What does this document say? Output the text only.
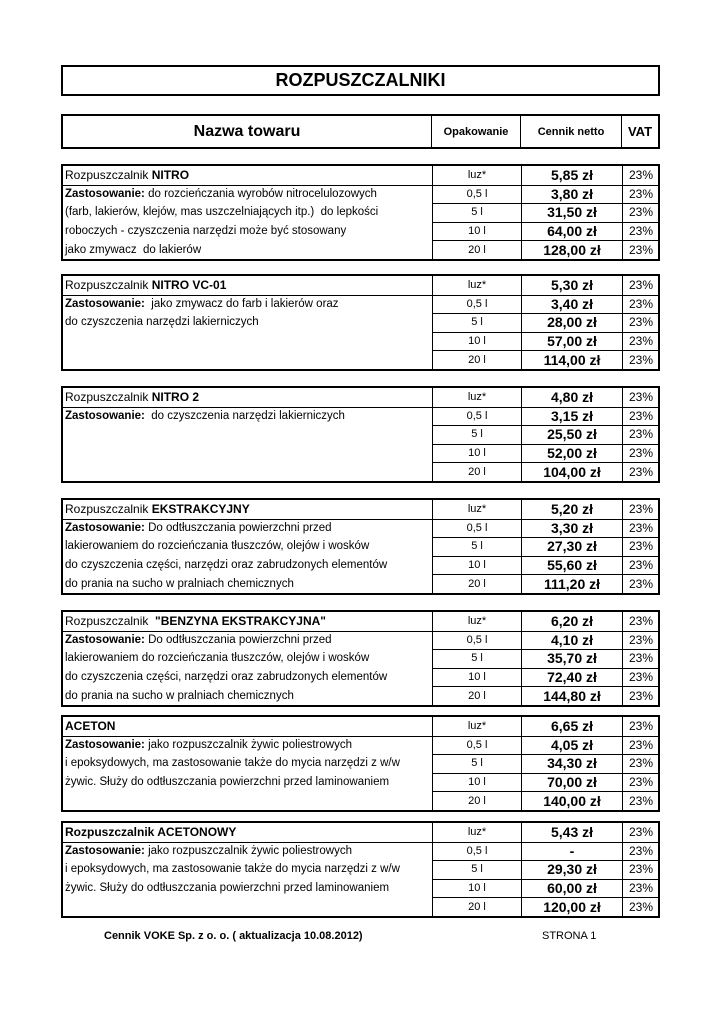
ROZPUSZCZALNIKI
Nazwa towaru	Opakowanie	Cennik netto	VAT
Rozpuszczalnik NITRO	luz*	5,85 zł	23%
Zastosowanie: do rozcieńczania wyrobów nitrocelulozowych	0,5 l	3,80 zł	23%
(farb, lakierów, klejów, mas uszczelniających itp.)  do lepkości	5 l	31,50 zł	23%
roboczych - czyszczenia narzędzi może być stosowany	10 l	64,00 zł	23%
jako zmywacz  do lakierów	20 l	128,00 zł	23%
Rozpuszczalnik NITRO VC-01	luz*	5,30 zł	23%
Zastosowanie: jako zmywacz do farb i lakierów oraz	0,5 l	3,40 zł	23%
do czyszczenia narzędzi lakierniczych	5 l	28,00 zł	23%
10 l	57,00 zł	23%
20 l	114,00 zł	23%
Rozpuszczalnik NITRO 2	luz*	4,80 zł	23%
Zastosowanie: do czyszczenia narzędzi lakierniczych	0,5 l	3,15 zł	23%
5 l	25,50 zł	23%
10 l	52,00 zł	23%
20 l	104,00 zł	23%
Rozpuszczalnik EKSTRAKCYJNY	luz*	5,20 zł	23%
Zastosowanie: Do odtłuszczania powierzchni przed	0,5 l	3,30 zł	23%
lakierowaniem do rozcieńczania tłuszczów, olejów i wosków	5 l	27,30 zł	23%
do czyszczenia części, narzędzi oraz zabrudzonych elementów	10 l	55,60 zł	23%
do prania na sucho w pralniach chemicznych	20 l	111,20 zł	23%
Rozpuszczalnik "BENZYNA EKSTRAKCYJNA"	luz*	6,20 zł	23%
Zastosowanie: Do odtłuszczania powierzchni przed	0,5 l	4,10 zł	23%
lakierowaniem do rozcieńczania tłuszczów, olejów i wosków	5 l	35,70 zł	23%
do czyszczenia części, narzędzi oraz zabrudzonych elementów	10 l	72,40 zł	23%
do prania na sucho w pralniach chemicznych	20 l	144,80 zł	23%
ACETON	luz*	6,65 zł	23%
Zastosowanie: jako rozpuszczalnik żywic poliestrowych	0,5 l	4,05 zł	23%
i epoksydowych, ma zastosowanie także do mycia narzędzi z w/w	5 l	34,30 zł	23%
żywic. Służy do odtłuszczania powierzchni przed laminowaniem	10 l	70,00 zł	23%
20 l	140,00 zł	23%
Rozpuszczalnik ACETONOWY	luz*	5,43 zł	23%
Zastosowanie: jako rozpuszczalnik żywic poliestrowych	0,5 l	-	23%
i epoksydowych, ma zastosowanie także do mycia narzędzi z w/w	5 l	29,30 zł	23%
żywic. Służy do odtłuszczania powierzchni przed laminowaniem	10 l	60,00 zł	23%
20 l	120,00 zł	23%
Cennik VOKE Sp. z o. o. ( aktualizacja 10.08.2012)	STRONA 1
